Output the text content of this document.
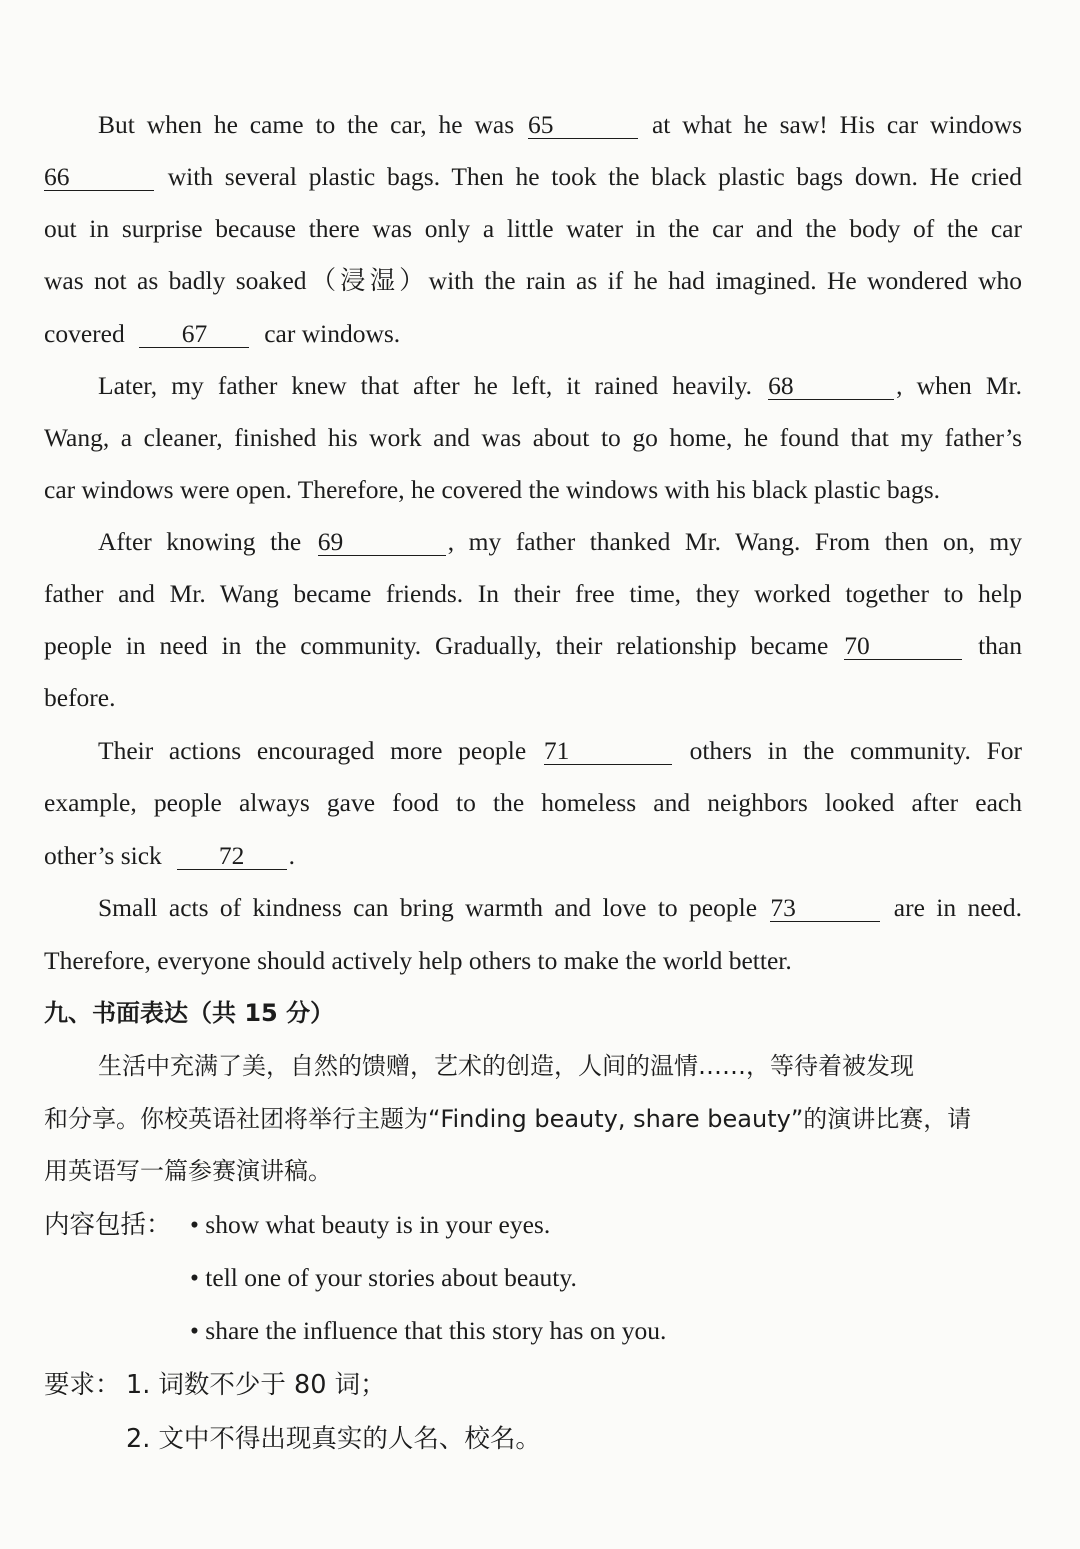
But when he came to the car, he was 65	at what he saw! His car windows
66	with several plastic bags. Then he took the black plastic bags down. He cried
out in surprise because there was only a little water in the car and the body of the car
was not as badly soaked（浸湿）with the rain as if he had imagined. He wondered who
covered 67 car windows.
Later, my father knew that after he left, it rained heavily. 68	, when Mr.
Wang, a cleaner, finished his work and was about to go home, he found that my father’s
car windows were open. Therefore, he covered the windows with his black plastic bags.
After knowing the 69	, my father thanked Mr. Wang. From then on, my
father and Mr. Wang became friends. In their free time, they worked together to help
people in need in the community. Gradually, their relationship became 70	than
before.
Their actions encouraged more people 71	others in the community. For
example, people always gave food to the homeless and neighbors looked after each
other’s sick 72 .
Small acts of kindness can bring warmth and love to people 73	are in need.
Therefore, everyone should actively help others to make the world better.
九、书面表达（共 15 分）
生活中充满了美，自然的馈赠，艺术的创造，人间的温情……，等待着被发现
和分享。你校英语社团将举行主题为“Finding beauty, share beauty”的演讲比赛，请
用英语写一篇参赛演讲稿。
内容包括： • show what beauty is in your eyes.
• tell one of your stories about beauty.
• share the influence that this story has on you.
要求： 1. 词数不少于 80 词；
2. 文中不得出现真实的人名、校名。
